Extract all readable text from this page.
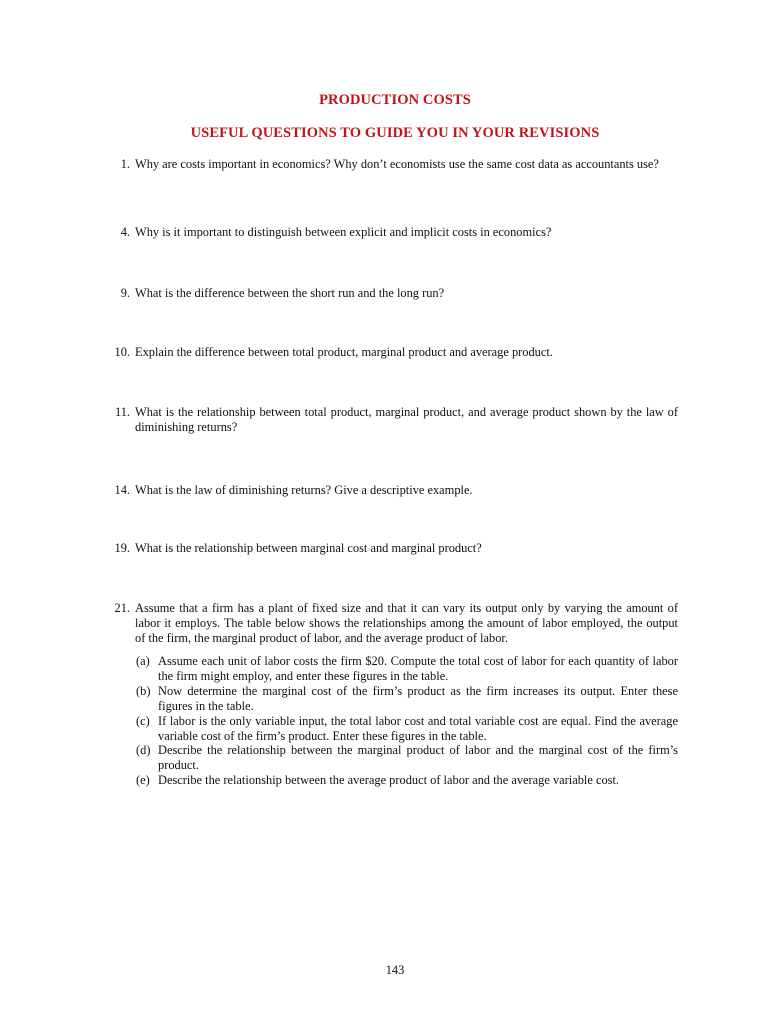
PRODUCTION COSTS
USEFUL QUESTIONS TO GUIDE YOU IN YOUR REVISIONS
1. Why are costs important in economics? Why don’t economists use the same cost data as accountants use?
4. Why is it important to distinguish between explicit and implicit costs in economics?
9. What is the difference between the short run and the long run?
10. Explain the difference between total product, marginal product and average product.
11. What is the relationship between total product, marginal product, and average product shown by the law of diminishing returns?
14. What is the law of diminishing returns? Give a descriptive example.
19. What is the relationship between marginal cost and marginal product?
21. Assume that a firm has a plant of fixed size and that it can vary its output only by varying the amount of labor it employs. The table below shows the relationships among the amount of labor employed, the output of the firm, the marginal product of labor, and the average product of labor.
(a) Assume each unit of labor costs the firm $20. Compute the total cost of labor for each quantity of labor the firm might employ, and enter these figures in the table.
(b) Now determine the marginal cost of the firm’s product as the firm increases its output. Enter these figures in the table.
(c) If labor is the only variable input, the total labor cost and total variable cost are equal. Find the average variable cost of the firm’s product. Enter these figures in the table.
(d) Describe the relationship between the marginal product of labor and the marginal cost of the firm’s product.
(e) Describe the relationship between the average product of labor and the average variable cost.
143
